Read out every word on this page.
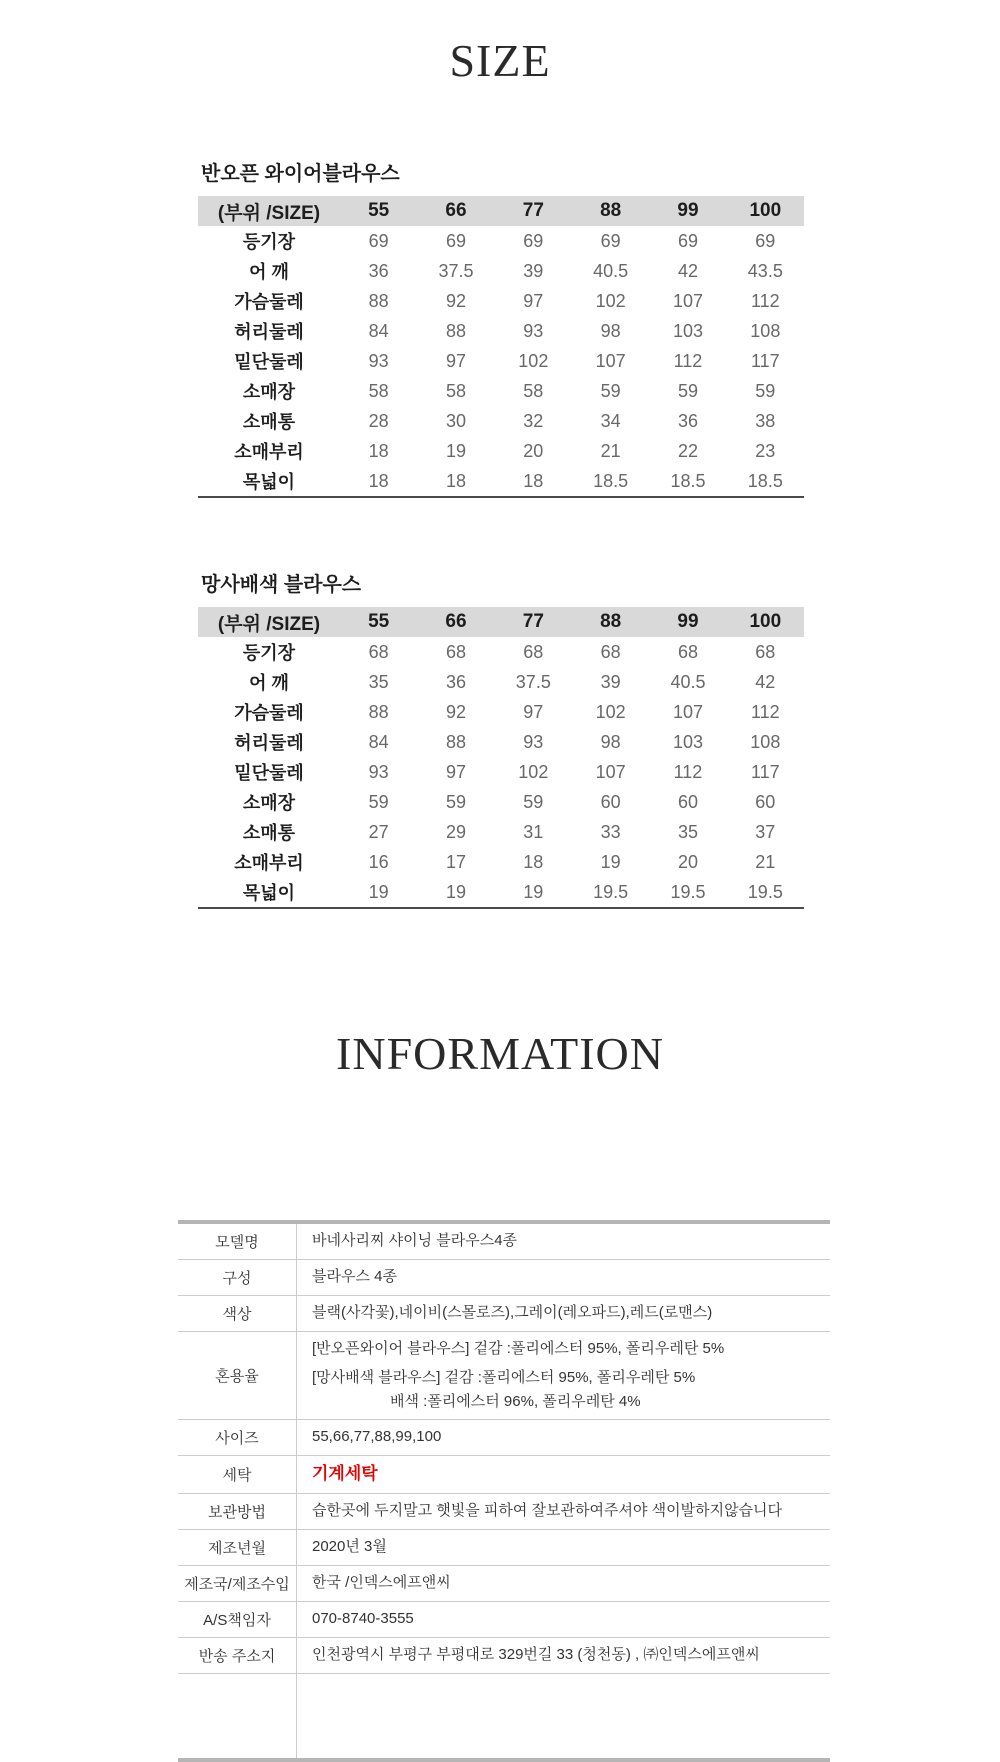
SIZE
반오픈 와이어블라우스
(부위 /SIZE)	55	66	77	88	99	100
등기장	69	69	69	69	69	69
어 깨	36	37.5	39	40.5	42	43.5
가슴둘레	88	92	97	102	107	112
허리둘레	84	88	93	98	103	108
밑단둘레	93	97	102	107	112	117
소매장	58	58	58	59	59	59
소매통	28	30	32	34	36	38
소매부리	18	19	20	21	22	23
목넓이	18	18	18	18.5	18.5	18.5
망사배색 블라우스
(부위 /SIZE)	55	66	77	88	99	100
등기장	68	68	68	68	68	68
어 깨	35	36	37.5	39	40.5	42
가슴둘레	88	92	97	102	107	112
허리둘레	84	88	93	98	103	108
밑단둘레	93	97	102	107	112	117
소매장	59	59	59	60	60	60
소매통	27	29	31	33	35	37
소매부리	16	17	18	19	20	21
목넓이	19	19	19	19.5	19.5	19.5
INFORMATION
모델명	바네사리찌 샤이닝 블라우스4종
구성	블라우스 4종
색상	블랙(사각꽃),네이비(스몰로즈),그레이(레오파드),레드(로맨스)
혼용율
[반오픈와이어 블라우스] 겉감 :폴리에스터 95%, 폴리우레탄 5%
[망사배색 블라우스] 겉감 :폴리에스터 95%, 폴리우레탄 5%
배색 :폴리에스터 96%, 폴리우레탄 4%
사이즈	55,66,77,88,99,100
세탁	기계세탁
보관방법	습한곳에 두지말고 햇빛을 피하여 잘보관하여주셔야 색이발하지않습니다
제조년월	2020년 3월
제조국/제조수입	한국 /인덱스에프앤씨
A/S책임자	070-8740-3555
반송 주소지	인천광역시 부평구 부평대로 329번길 33 (청천동) , ㈜인덱스에프앤씨
